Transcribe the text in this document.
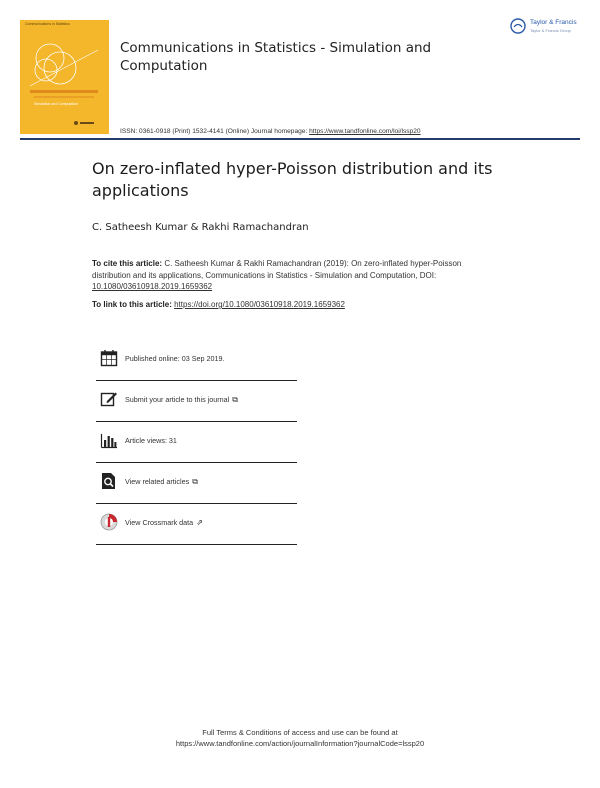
Communications in Statistics
Simulation and Computation
Communications in Statistics - Simulation and Computation
Taylor & Francis
Taylor & Francis Group
ISSN: 0361-0918 (Print) 1532-4141 (Online) Journal homepage: https://www.tandfonline.com/loi/lssp20
On zero-inflated hyper-Poisson distribution and its applications
C. Satheesh Kumar & Rakhi Ramachandran
To cite this article: C. Satheesh Kumar & Rakhi Ramachandran (2019): On zero-inflated hyper-Poisson distribution and its applications, Communications in Statistics - Simulation and Computation, DOI: 10.1080/03610918.2019.1659362
To link to this article: https://doi.org/10.1080/03610918.2019.1659362
Published online: 03 Sep 2019.
Submit your article to this journal ⧉
Article views: 31
View related articles ⧉
View Crossmark data ⇗
Full Terms & Conditions of access and use can be found at
https://www.tandfonline.com/action/journalInformation?journalCode=lssp20
